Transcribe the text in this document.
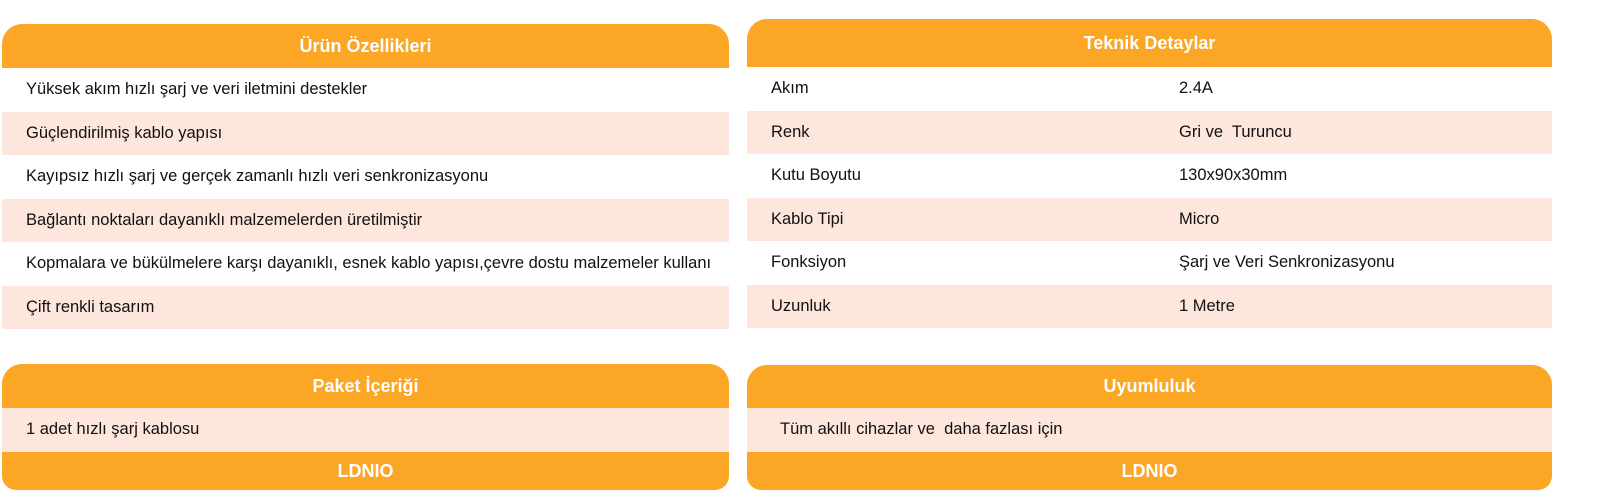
Ürün Özellikleri
Yüksek akım hızlı şarj ve veri iletmini destekler
Güçlendirilmiş kablo yapısı
Kayıpsız hızlı şarj ve gerçek zamanlı hızlı veri senkronizasyonu
Bağlantı noktaları dayanıklı malzemelerden üretilmiştir
Kopmalara ve bükülmelere karşı dayanıklı, esnek kablo yapısı,çevre dostu malzemeler kullanı
Çift renkli tasarım
Teknik Detaylar
Akım	2.4A
Renk	Gri ve  Turuncu
Kutu Boyutu	130x90x30mm
Kablo Tipi	Micro
Fonksiyon	Şarj ve Veri Senkronizasyonu
Uzunluk	1 Metre
Paket İçeriği
1 adet hızlı şarj kablosu
LDNIO
Uyumluluk
Tüm akıllı cihazlar ve  daha fazlası için
LDNIO
